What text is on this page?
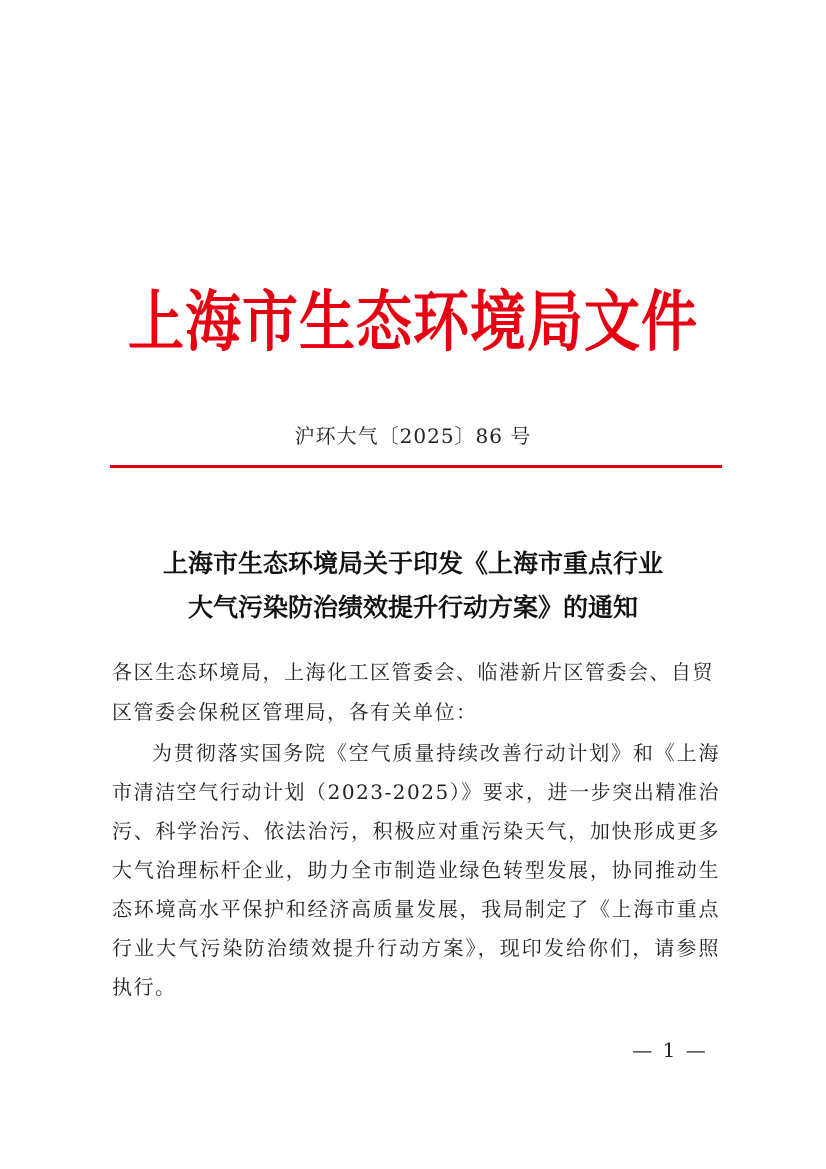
上海市生态环境局文件
沪环大气〔2025〕86 号
上海市生态环境局关于印发《上海市重点行业
大气污染防治绩效提升行动方案》的通知
各区生态环境局，上海化工区管委会、临港新片区管委会、自贸区管委会保税区管理局，各有关单位：
为贯彻落实国务院《空气质量持续改善行动计划》和《上海市清洁空气行动计划（2023-2025）》要求，进一步突出精准治污、科学治污、依法治污，积极应对重污染天气，加快形成更多大气治理标杆企业，助力全市制造业绿色转型发展，协同推动生态环境高水平保护和经济高质量发展，我局制定了《上海市重点行业大气污染防治绩效提升行动方案》，现印发给你们，请参照执行。
— 1 —
